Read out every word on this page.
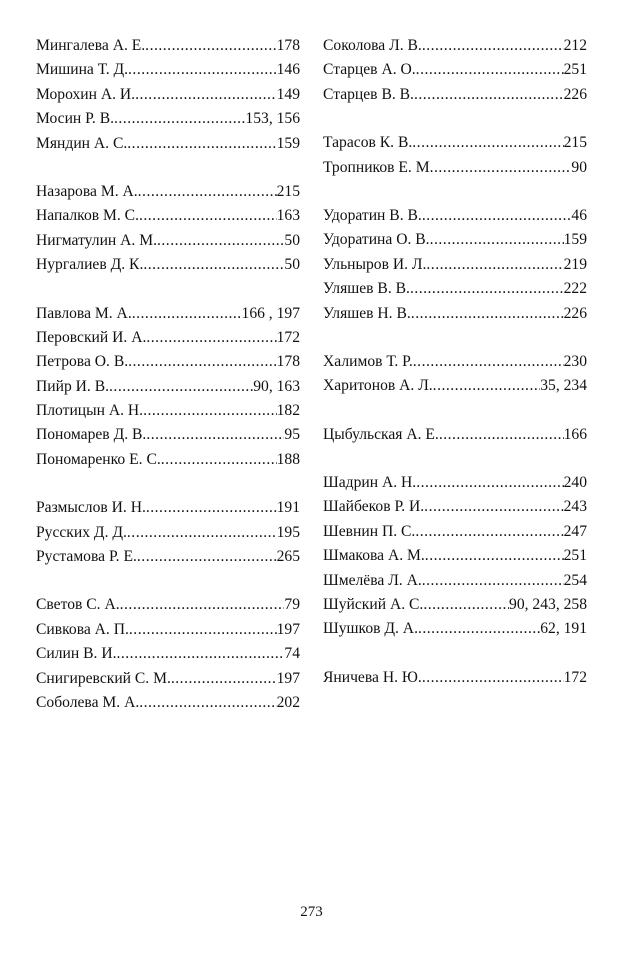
Мингалева А. Е. .....	178
Мишина Т. Д. .....	146
Морохин А. И. .....	149
Мосин Р. В. .....	153, 156
Мяндин А. С. .....	159
Назарова М. А. .....	215
Напалков М. С. .....	163
Нигматулин А. М. .....	50
Нургалиев Д. К. .....	50
Павлова М. А. .....	166 , 197
Перовский И. А. .....	172
Петрова О. В. .....	178
Пийр И. В. .....	90, 163
Плотицын А. Н. .....	182
Пономарев Д. В. .....	95
Пономаренко Е. С. .....	188
Размыслов И. Н. .....	191
Русских Д. Д. .....	195
Рустамова Р. Е. .....	265
Светов С. А. .....	79
Сивкова А. П. .....	197
Силин В. И. .....	74
Снигиревский С. М. .....	197
Соболева М. А. .....	202
Соколова Л. В. .....	212
Старцев А. О. .....	251
Старцев В. В. .....	226
Тарасов К. В. .....	215
Тропников Е. М .....	90
Удоратин В. В. .....	46
Удоратина О. В. .....	159
Ульныров И. Л. .....	219
Уляшев В. В. .....	222
Уляшев Н. В. .....	226
Халимов Т. Р. .....	230
Харитонов А. Л. .....	35, 234
Цыбульская А. Е. .....	166
Шадрин А. Н. .....	240
Шайбеков Р. И. .....	243
Шевнин П. С. .....	247
Шмакова А. М. .....	251
Шмелёва Л. А. .....	254
Шуйский А. С. .....	90, 243, 258
Шушков Д. А. .....	62, 191
Яничева Н. Ю. .....	172
273
